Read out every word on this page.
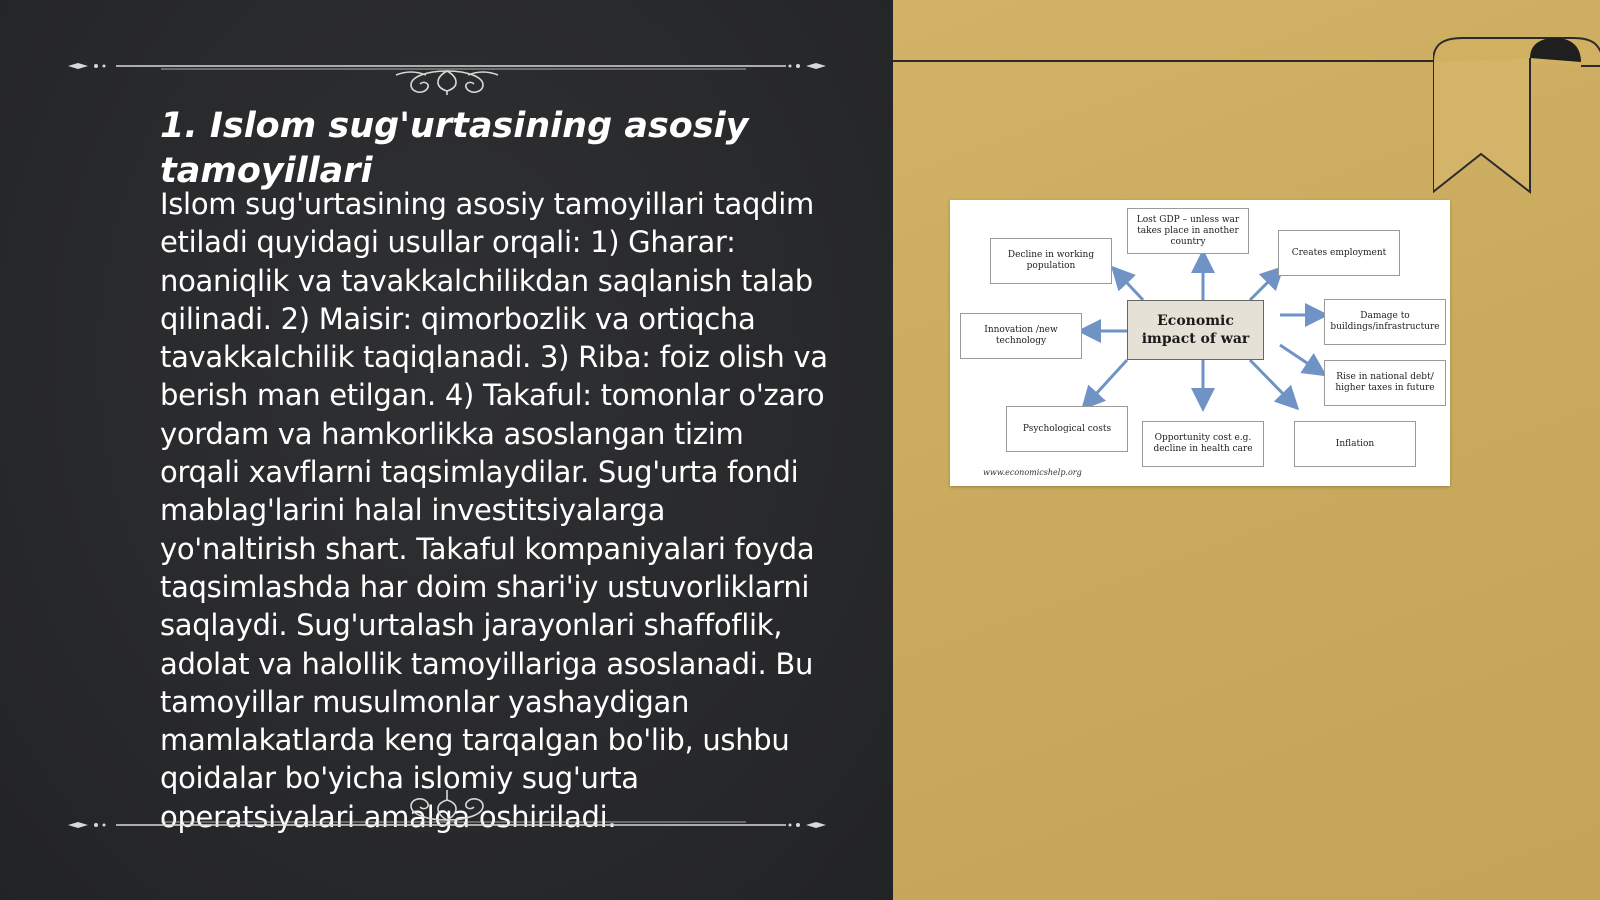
1. Islom sug'urtasining asosiy tamoyillari

Islom sug'urtasining asosiy tamoyillari taqdim etiladi quyidagi usullar orqali: 1) Gharar: noaniqlik va tavakkalchilikdan saqlanish talab qilinadi. 2) Maisir: qimorbozlik va ortiqcha tavakkalchilik taqiqlanadi. 3) Riba: foiz olish va berish man etilgan. 4) Takaful: tomonlar o'zaro yordam va hamkorlikka asoslangan tizim orqali xavflarni taqsimlaydilar. Sug'urta fondi mablag'larini halal investitsiyalarga yo'naltirish shart. Takaful kompaniyalari foyda taqsimlashda har doim shari'iy ustuvorliklarni saqlaydi. Sug'urtalash jarayonlari shaffoflik, adolat va halollik tamoyillariga asoslanadi. Bu tamoyillar musulmonlar yashaydigan mamlakatlarda keng tarqalgan bo'lib, ushbu qoidalar bo'yicha islomiy sug'urta operatsiyalari amalga oshiriladi.

Decline in working population
Lost GDP – unless war takes place in another country
Creates employment
Innovation /new technology
Economic impact of war
Damage to buildings/infrastructure
Rise in national debt/ higher taxes in future
Psychological costs
Opportunity cost e.g. decline in health care
Inflation
www.economicshelp.org
